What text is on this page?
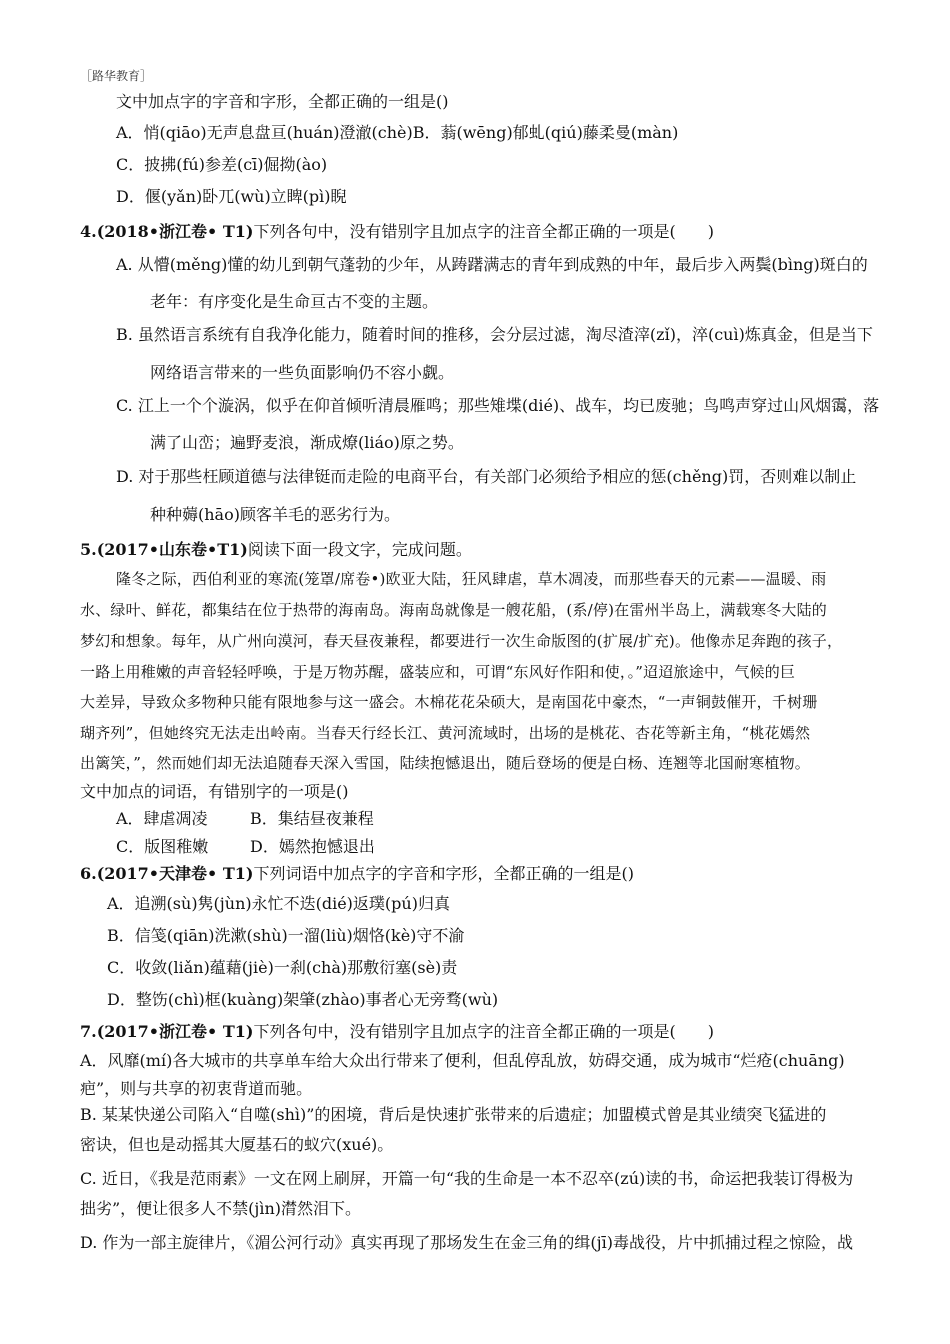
［路华教育］
文中加点字的字音和字形，全都正确的一组是()
A．悄(qiāo)无声息盘亘(huán)澄澈(chè)B．蓊(wēng)郁虬(qiú)藤柔曼(màn)
C．披拂(fú)参差(cī)倔拗(ào)
D．偃(yǎn)卧兀(wù)立睥(pì)睨
4.(2018•浙江卷• T1)下列各句中，没有错别字且加点字的注音全都正确的一项是(　　)
A. 从懵(měng)懂的幼儿到朝气蓬勃的少年，从踌躇满志的青年到成熟的中年，最后步入两鬓(bìng)斑白的
老年：有序变化是生命亘古不变的主题。
B. 虽然语言系统有自我净化能力，随着时间的推移，会分层过滤，淘尽渣滓(zǐ)，淬(cuì)炼真金，但是当下
网络语言带来的一些负面影响仍不容小觑。
C. 江上一个个漩涡，似乎在仰首倾听清晨雁鸣；那些雉堞(dié)、战车，均已废驰；鸟鸣声穿过山风烟霭，落
满了山峦；遍野麦浪，渐成燎(liáo)原之势。
D. 对于那些枉顾道德与法律铤而走险的电商平台，有关部门必须给予相应的惩(chěng)罚，否则难以制止
种种薅(hāo)顾客羊毛的恶劣行为。
5.(2017•山东卷•T1)阅读下面一段文字，完成问题。
隆冬之际，西伯利亚的寒流(笼罩/席卷•)欧亚大陆，狂风肆虐，草木凋凌，而那些春天的元素——温暖、雨
水、绿叶、鲜花，都集结在位于热带的海南岛。海南岛就像是一艘花船，(系/停)在雷州半岛上，满载寒冬大陆的
梦幻和想象。每年，从广州向漠河，春天昼夜兼程，都要进行一次生命版图的(扩展/扩充)。他像赤足奔跑的孩子，
一路上用稚嫩的声音轻轻呼唤，于是万物苏醒，盛装应和，可谓“东风好作阳和使，。”迢迢旅途中，气候的巨
大差异，导致众多物种只能有限地参与这一盛会。木棉花花朵硕大，是南国花中豪杰，“一声铜鼓催开，千树珊
瑚齐列”，但她终究无法走出岭南。当春天行经长江、黄河流域时，出场的是桃花、杏花等新主角，“桃花嫣然
出篱笑，”，然而她们却无法追随春天深入雪国，陆续抱憾退出，随后登场的便是白杨、连翘等北国耐寒植物。
文中加点的词语，有错别字的一项是()
A．肆虐凋凌	B．集结昼夜兼程
C．版图稚嫩	D．嫣然抱憾退出
6.(2017•天津卷• T1)下列词语中加点字的字音和字形，全都正确的一组是()
A．追溯(sù)隽(jùn)永忙不迭(dié)返璞(pú)归真
B．信笺(qiān)洗漱(shù)一溜(liù)烟恪(kè)守不渝
C．收敛(liǎn)蕴藉(jiè)一刹(chà)那敷衍塞(sè)责
D．整饬(chì)框(kuàng)架肇(zhào)事者心无旁骛(wù)
7.(2017•浙江卷• T1)下列各句中，没有错别字且加点字的注音全都正确的一项是(　　)
A．风靡(mí)各大城市的共享单车给大众出行带来了便利，但乱停乱放，妨碍交通，成为城市“烂疮(chuāng)
疤”，则与共享的初衷背道而驰。
B. 某某快递公司陷入“自噬(shì)”的困境，背后是快速扩张带来的后遗症；加盟模式曾是其业绩突飞猛进的
密诀，但也是动摇其大厦基石的蚁穴(xué)。
C. 近日，《我是范雨素》一文在网上刷屏，开篇一句“我的生命是一本不忍卒(zú)读的书，命运把我装订得极为
拙劣”，便让很多人不禁(jìn)潸然泪下。
D. 作为一部主旋律片，《湄公河行动》真实再现了那场发生在金三角的缉(jī)毒战役，片中抓捕过程之惊险，战
